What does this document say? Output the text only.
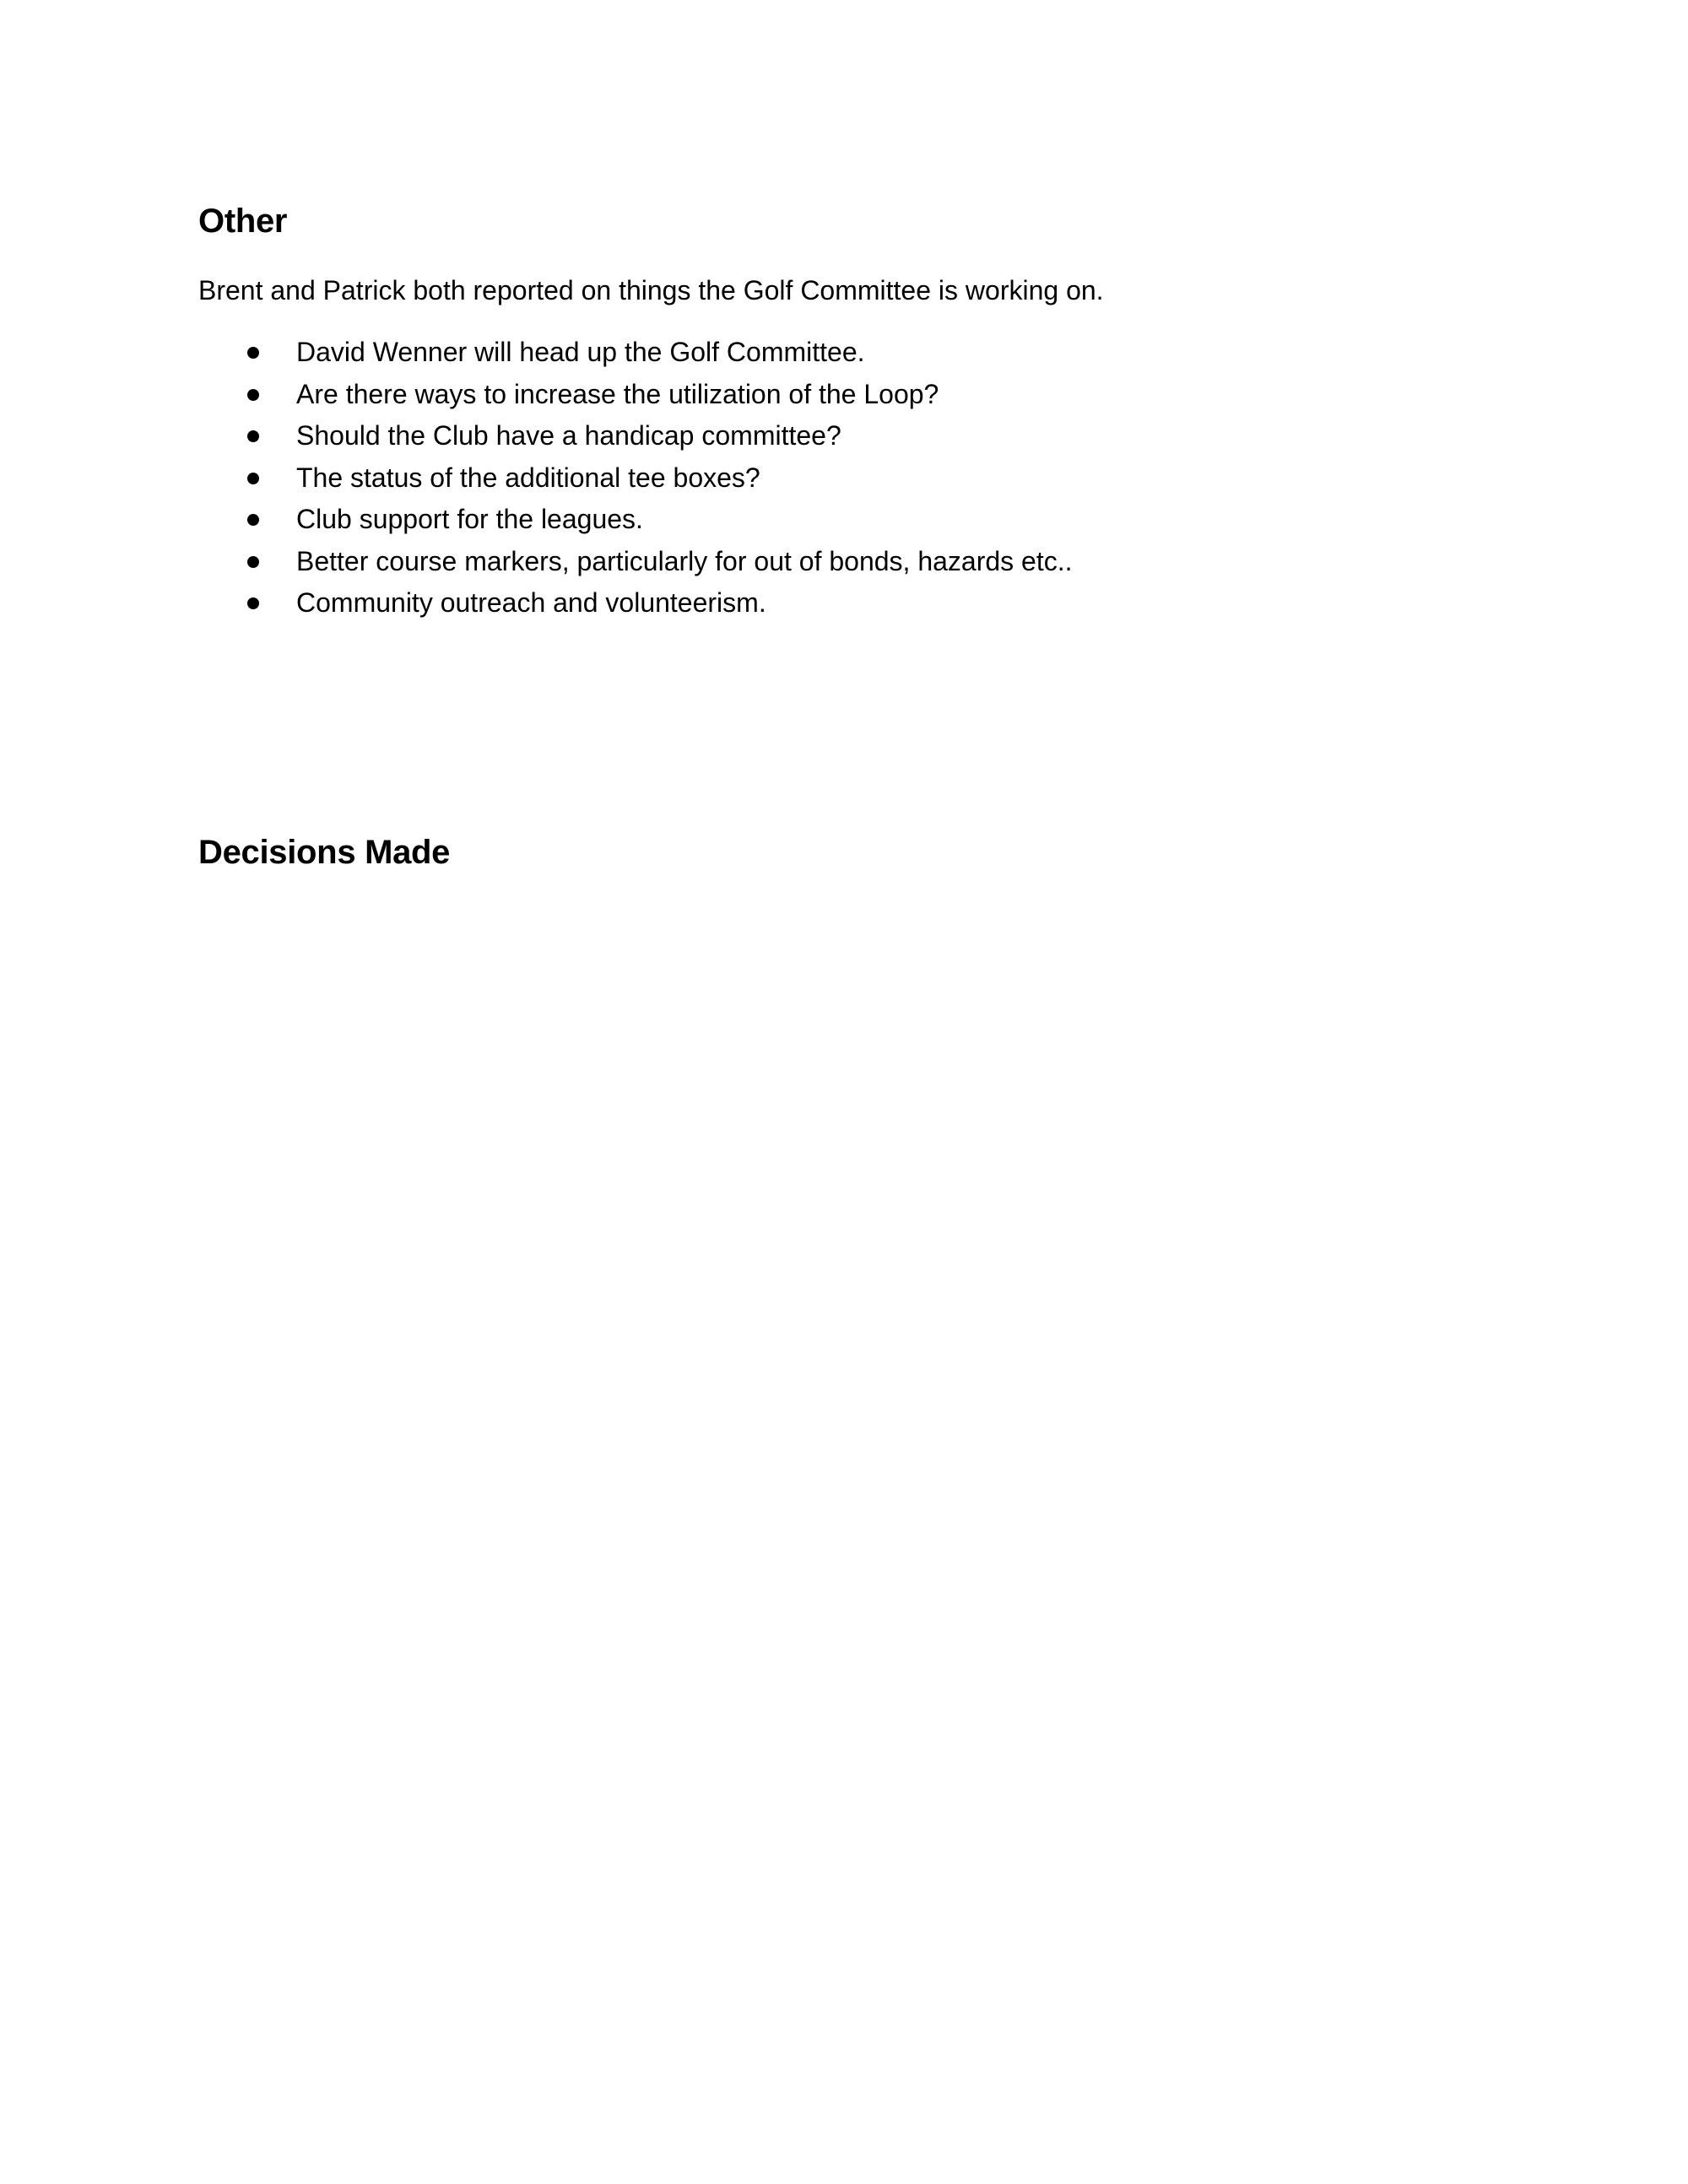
Other

Brent and Patrick both reported on things the Golf Committee is working on.

David Wenner will head up the Golf Committee.
Are there ways to increase the utilization of the Loop?
Should the Club have a handicap committee?
The status of the additional tee boxes?
Club support for the leagues.
Better course markers, particularly for out of bonds, hazards etc..
Community outreach and volunteerism.
Decisions Made
